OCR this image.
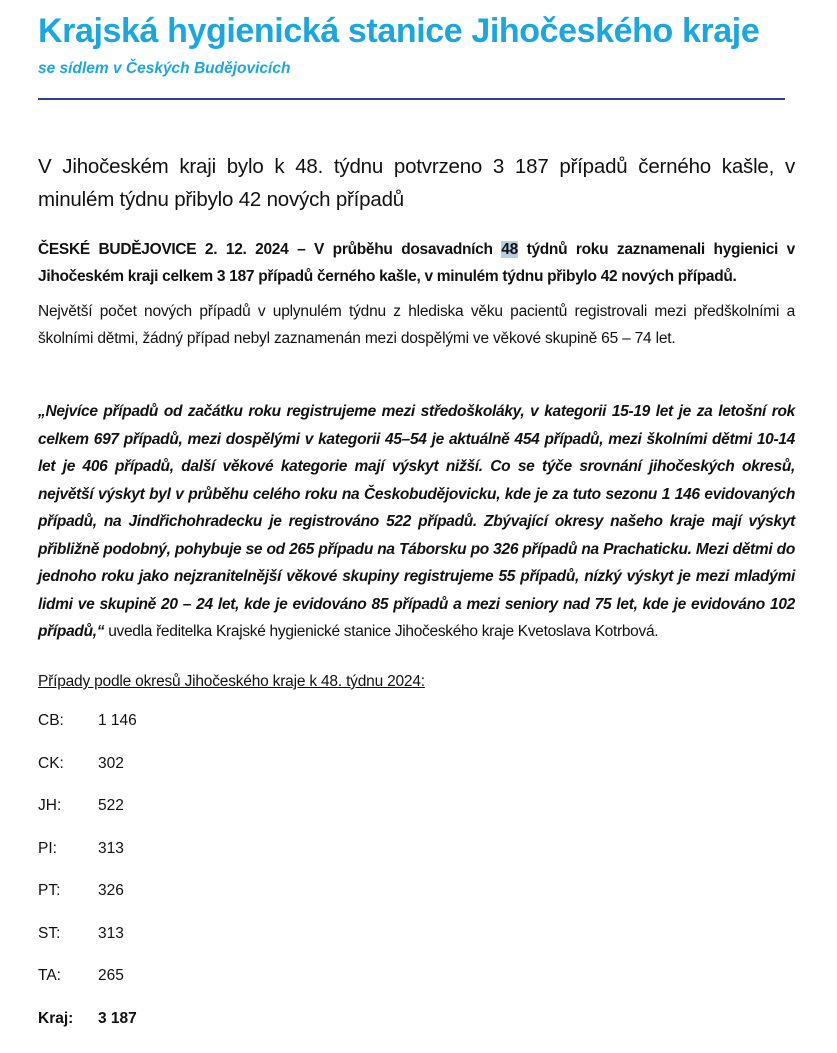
Krajská hygienická stanice Jihočeského kraje
se sídlem v Českých Budějovicích
V Jihočeském kraji bylo k 48. týdnu potvrzeno 3 187 případů černého kašle, v minulém týdnu přibylo 42 nových případů
ČESKÉ BUDĚJOVICE 2. 12. 2024 – V průběhu dosavadních 48 týdnů roku zaznamenali hygienici v Jihočeském kraji celkem 3 187 případů černého kašle, v minulém týdnu přibylo 42 nových případů.
Největší počet nových případů v uplynulém týdnu z hlediska věku pacientů registrovali mezi předškolními a školními dětmi, žádný případ nebyl zaznamenán mezi dospělými ve věkové skupině 65 – 74 let.
„Nejvíce případů od začátku roku registrujeme mezi středoškoláky, v kategorii 15-19 let je za letošní rok celkem 697 případů, mezi dospělými v kategorii 45–54 je aktuálně 454 případů, mezi školními dětmi 10-14 let je 406 případů, další věkové kategorie mají výskyt nižší. Co se týče srovnání jihočeských okresů, největší výskyt byl v průběhu celého roku na Českobudějovicku, kde je za tuto sezonu 1 146 evidovaných případů, na Jindřichohradecku je registrováno 522 případů. Zbývající okresy našeho kraje mají výskyt přibližně podobný, pohybuje se od 265 případu na Táborsku po 326 případů na Prachaticku. Mezi dětmi do jednoho roku jako nejzranitelnější věkové skupiny registrujeme 55 případů, nízký výskyt je mezi mladými lidmi ve skupině 20 – 24 let, kde je evidováno 85 případů a mezi seniory nad 75 let, kde je evidováno 102 případů,“ uvedla ředitelka Krajské hygienické stanice Jihočeského kraje Kvetoslava Kotrbová.
Případy podle okresů Jihočeského kraje k 48. týdnu 2024:
CB:	1 146
CK:	302
JH:	522
PI:	313
PT:	326
ST:	313
TA:	265
Kraj:	3 187
